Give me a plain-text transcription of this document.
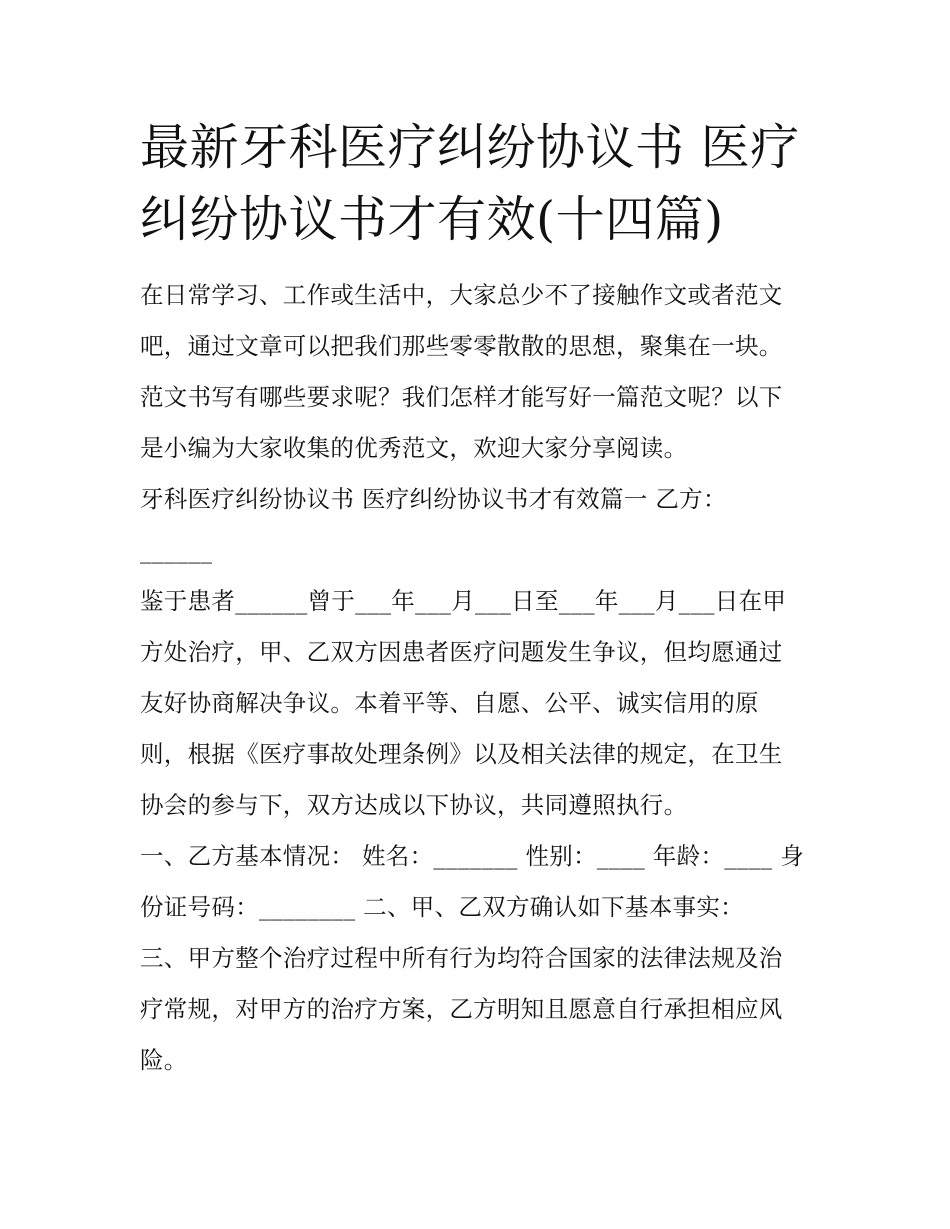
最新牙科医疗纠纷协议书 医疗
纠纷协议书才有效(十四篇)

在日常学习、工作或生活中，大家总少不了接触作文或者范文
吧，通过文章可以把我们那些零零散散的思想，聚集在一块。
范文书写有哪些要求呢？我们怎样才能写好一篇范文呢？以下
是小编为大家收集的优秀范文，欢迎大家分享阅读。

牙科医疗纠纷协议书 医疗纠纷协议书才有效篇一 乙方：
______

鉴于患者______曾于___年___月___日至___年___月___日在甲
方处治疗，甲、乙双方因患者医疗问题发生争议，但均愿通过
友好协商解决争议。本着平等、自愿、公平、诚实信用的原
则，根据《医疗事故处理条例》以及相关法律的规定，在卫生
协会的参与下，双方达成以下协议，共同遵照执行。

一、乙方基本情况： 姓名：_______ 性别：____ 年龄：____ 身
份证号码：________ 二、甲、乙双方确认如下基本事实：

三、甲方整个治疗过程中所有行为均符合国家的法律法规及治
疗常规，对甲方的治疗方案，乙方明知且愿意自行承担相应风
险。
